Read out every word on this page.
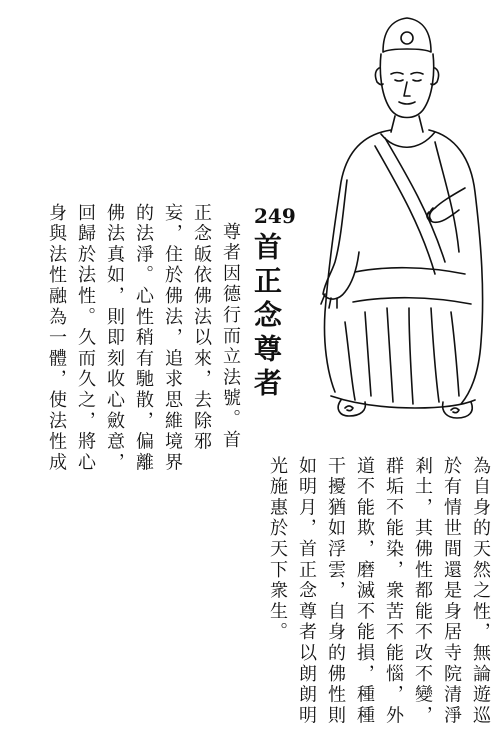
249
首正念尊者
尊者因德行而立法號。首
正念皈依佛法以來，去除邪
妄，住於佛法，追求思維境界
的法淨。心性稍有馳散，偏離
佛法真如，則即刻收心斂意，
回歸於法性。久而久之，將心
身與法性融為一體，使法性成
為自身的天然之性，無論遊巡
於有情世間還是身居寺院清淨
剎土，其佛性都能不改不變，
群垢不能染，衆苦不能惱，外
道不能欺，磨滅不能損，種種
干擾猶如浮雲，自身的佛性則
如明月，首正念尊者以朗朗明
光施惠於天下衆生。
